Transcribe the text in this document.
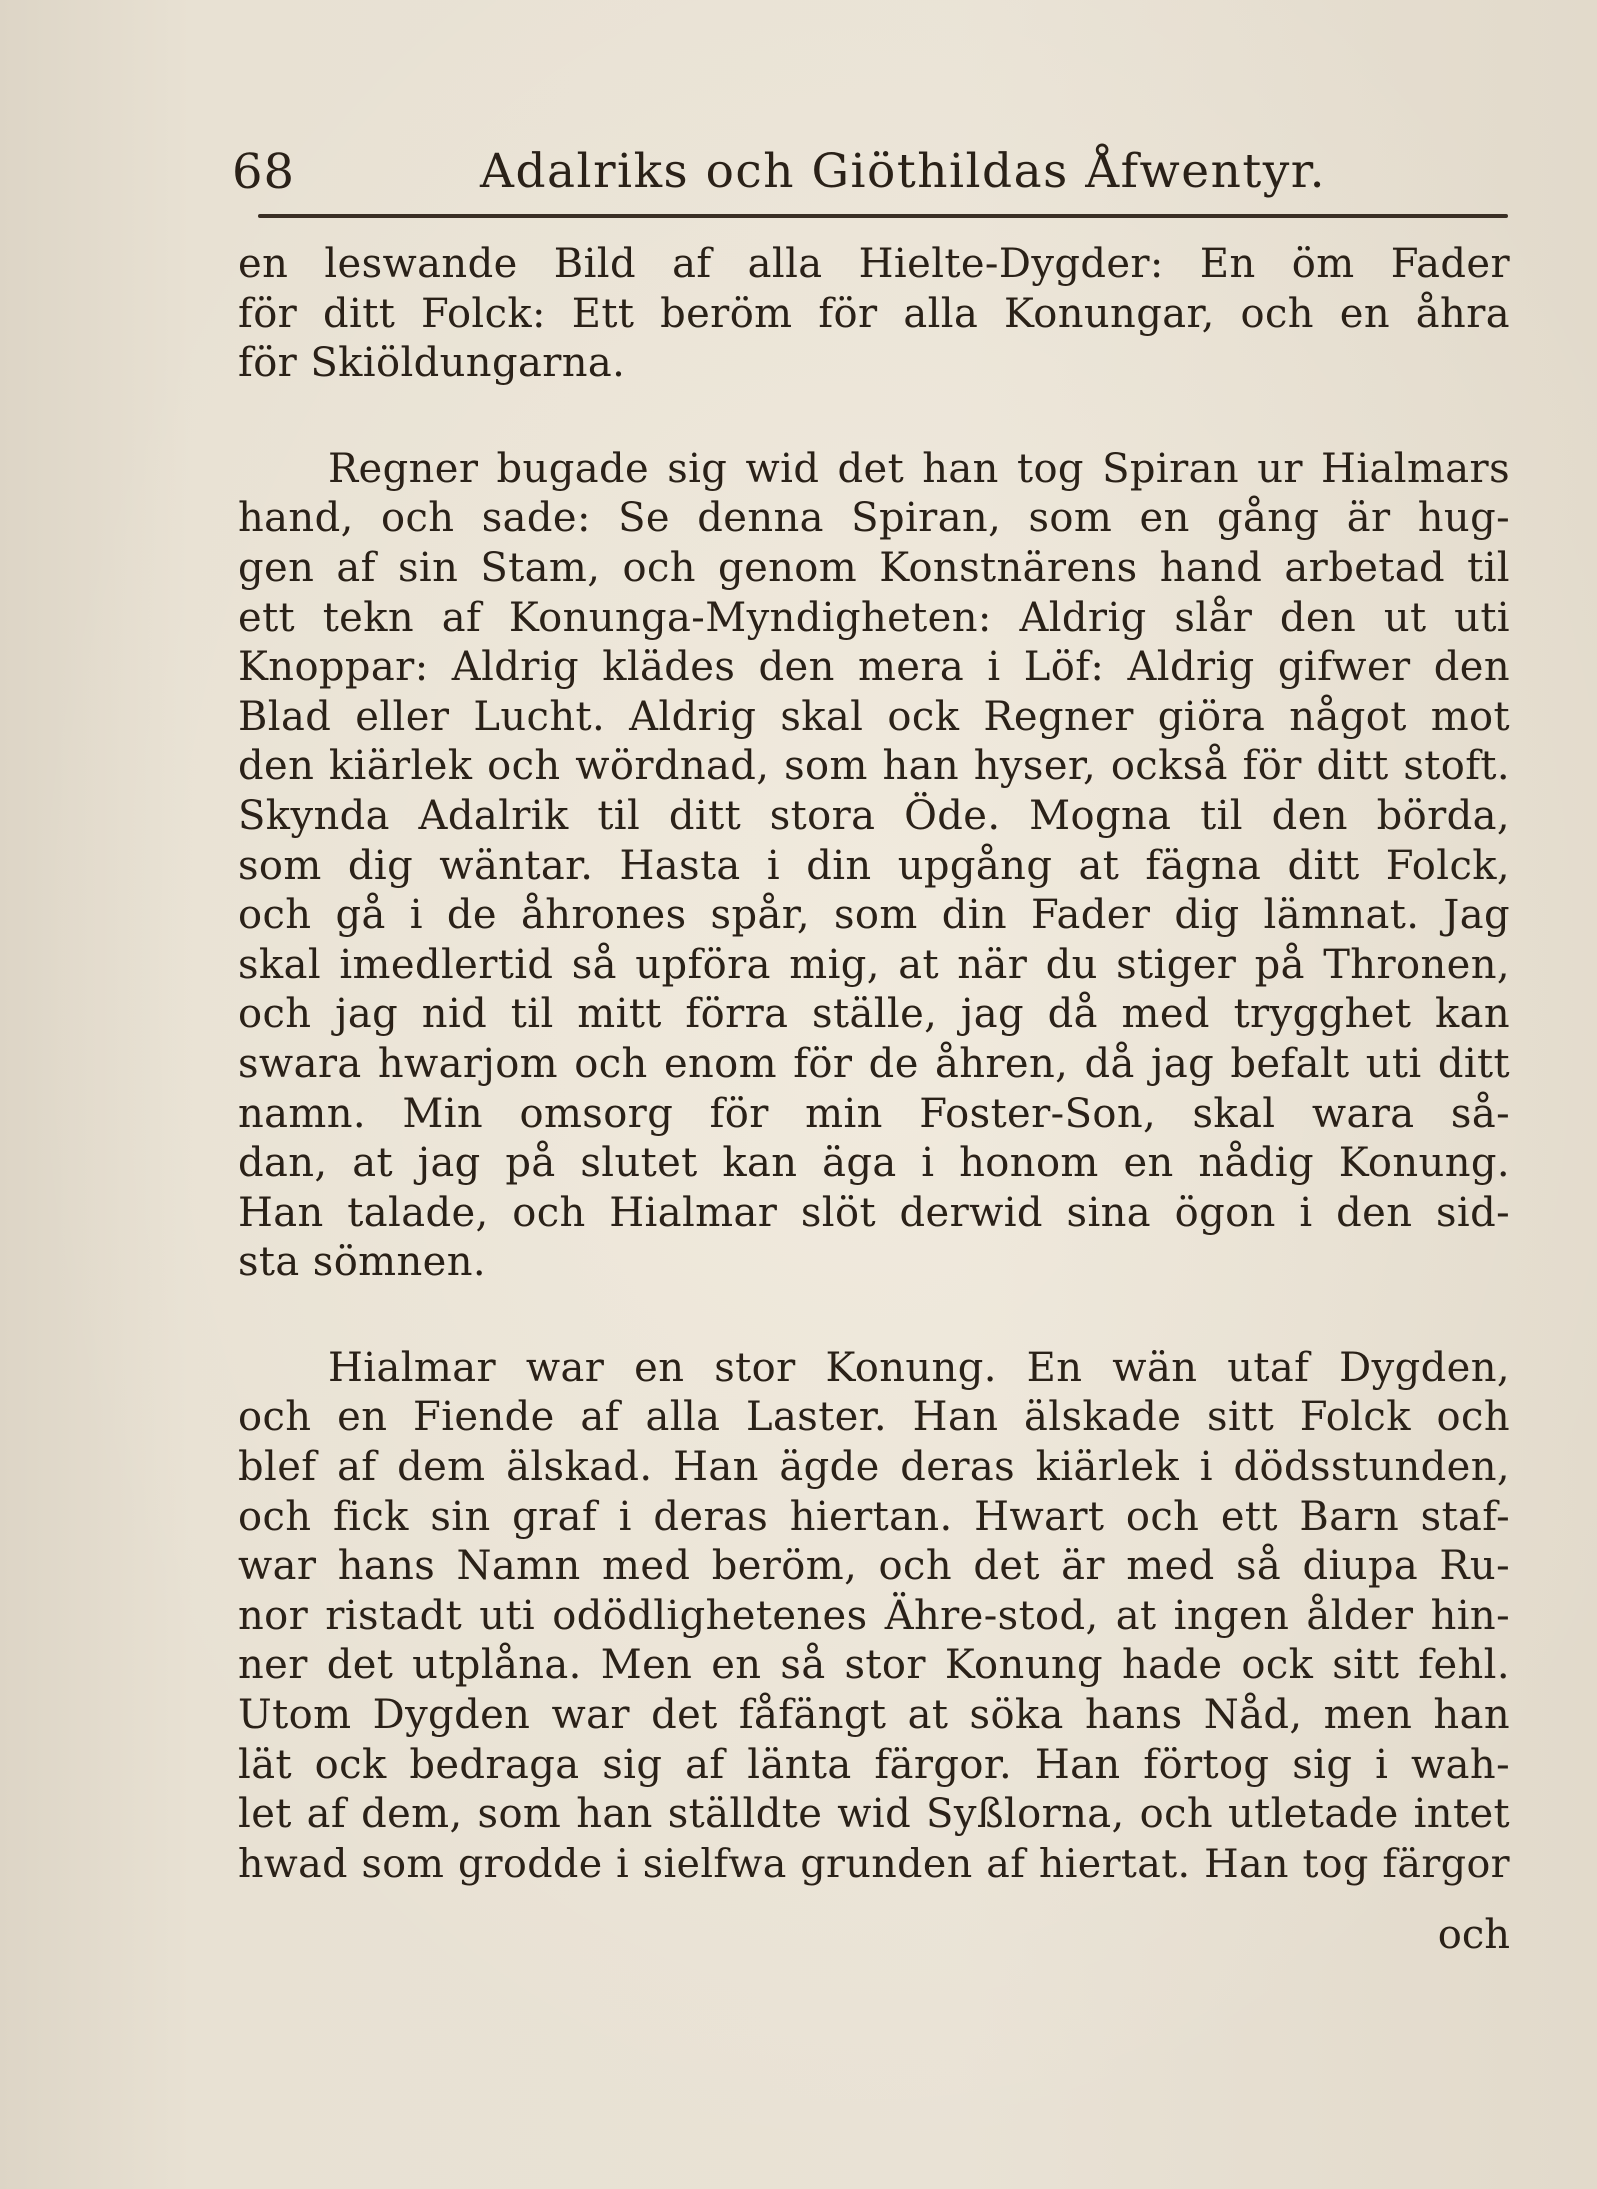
68	Adalriks och Giöthildas Åfwentyr.
en leswande Bild af alla Hielte-Dygder: En öm Fader
för ditt Folck: Ett beröm för alla Konungar, och en åhra
för Skiöldungarna.
Regner bugade sig wid det han tog Spiran ur Hialmars
hand, och sade: Se denna Spiran, som en gång är hug-
gen af sin Stam, och genom Konstnärens hand arbetad til
ett tekn af Konunga-Myndigheten: Aldrig slår den ut uti
Knoppar: Aldrig klädes den mera i Löf: Aldrig gifwer den
Blad eller Lucht. Aldrig skal ock Regner giöra något mot
den kiärlek och wördnad, som han hyser, också för ditt stoft.
Skynda Adalrik til ditt stora Öde. Mogna til den börda,
som dig wäntar. Hasta i din upgång at fägna ditt Folck,
och gå i de åhrones spår, som din Fader dig lämnat. Jag
skal imedlertid så upföra mig, at när du stiger på Thronen,
och jag nid til mitt förra ställe, jag då med trygghet kan
swara hwarjom och enom för de åhren, då jag befalt uti ditt
namn. Min omsorg för min Foster-Son, skal wara så-
dan, at jag på slutet kan äga i honom en nådig Konung.
Han talade, och Hialmar slöt derwid sina ögon i den sid-
sta sömnen.
Hialmar war en stor Konung. En wän utaf Dygden,
och en Fiende af alla Laster. Han älskade sitt Folck och
blef af dem älskad. Han ägde deras kiärlek i dödsstunden,
och fick sin graf i deras hiertan. Hwart och ett Barn staf-
war hans Namn med beröm, och det är med så diupa Ru-
nor ristadt uti odödlighetenes Ähre-stod, at ingen ålder hin-
ner det utplåna. Men en så stor Konung hade ock sitt fehl.
Utom Dygden war det fåfängt at söka hans Nåd, men han
lät ock bedraga sig af länta färgor. Han förtog sig i wah-
let af dem, som han ställdte wid Syßlorna, och utletade intet
hwad som grodde i sielfwa grunden af hiertat. Han tog färgor
och
